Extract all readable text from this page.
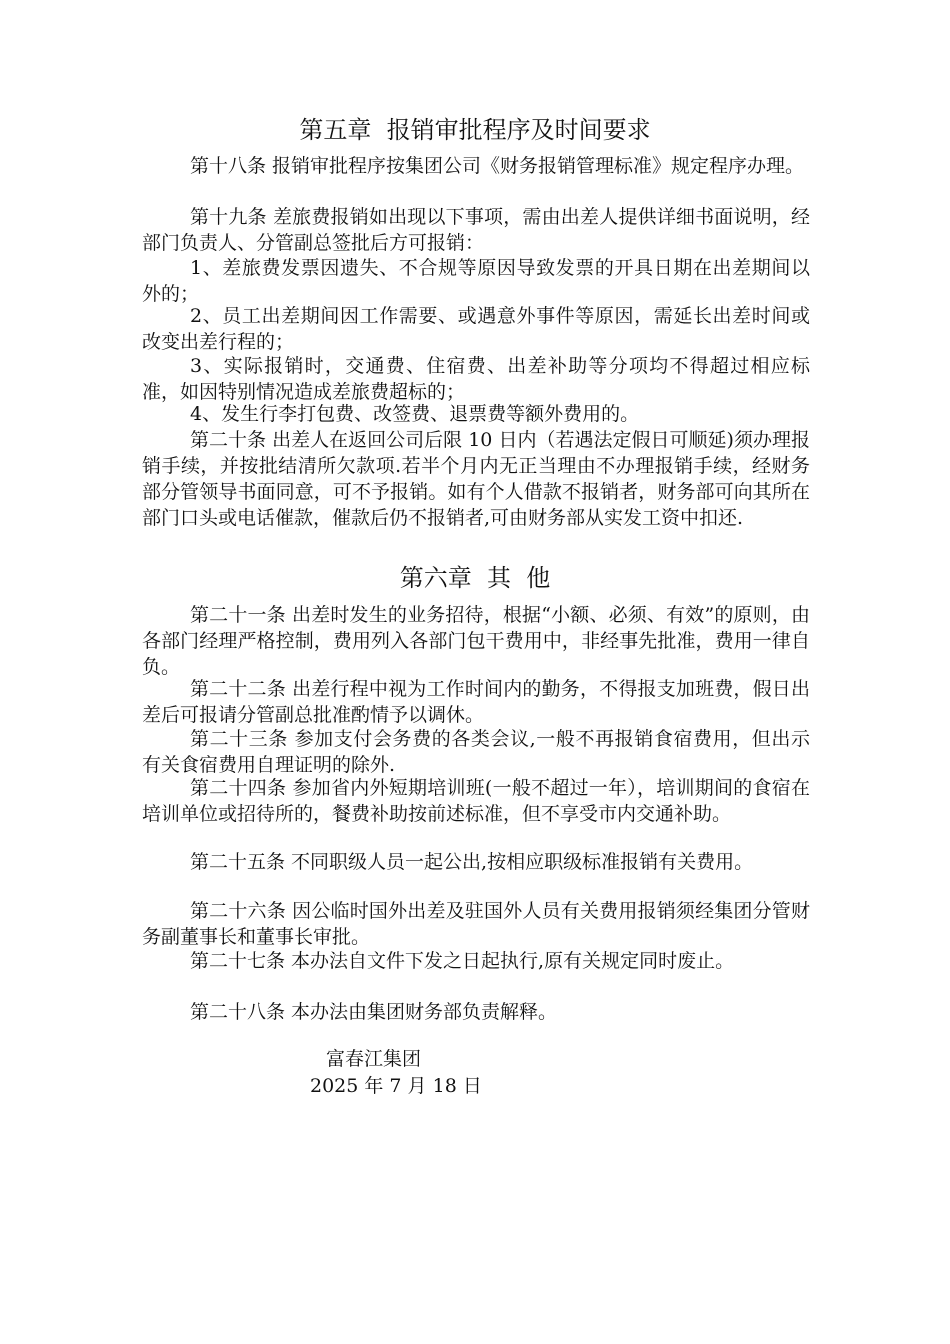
第五章  报销审批程序及时间要求
第十八条 报销审批程序按集团公司《财务报销管理标准》规定程序办理。
第十九条 差旅费报销如出现以下事项，需由出差人提供详细书面说明，经部门负责人、分管副总签批后方可报销：
1、差旅费发票因遗失、不合规等原因导致发票的开具日期在出差期间以外的；
2、员工出差期间因工作需要、或遇意外事件等原因，需延长出差时间或改变出差行程的；
3、实际报销时，交通费、住宿费、出差补助等分项均不得超过相应标准，如因特别情况造成差旅费超标的；
4、发生行李打包费、改签费、退票费等额外费用的。
第二十条 出差人在返回公司后限 10 日内（若遇法定假日可顺延)须办理报销手续，并按批结清所欠款项.若半个月内无正当理由不办理报销手续，经财务部分管领导书面同意，可不予报销。如有个人借款不报销者，财务部可向其所在部门口头或电话催款，催款后仍不报销者,可由财务部从实发工资中扣还.
第六章  其  他
第二十一条 出差时发生的业务招待，根据“小额、必须、有效”的原则，由各部门经理严格控制，费用列入各部门包干费用中，非经事先批准，费用一律自负。
第二十二条 出差行程中视为工作时间内的勤务，不得报支加班费，假日出差后可报请分管副总批准酌情予以调休。
第二十三条 参加支付会务费的各类会议,一般不再报销食宿费用，但出示有关食宿费用自理证明的除外.
第二十四条 参加省内外短期培训班(一般不超过一年），培训期间的食宿在培训单位或招待所的，餐费补助按前述标准，但不享受市内交通补助。
第二十五条 不同职级人员一起公出,按相应职级标准报销有关费用。
第二十六条 因公临时国外出差及驻国外人员有关费用报销须经集团分管财务副董事长和董事长审批。
第二十七条 本办法自文件下发之日起执行,原有关规定同时废止。
第二十八条 本办法由集团财务部负责解释。
富春江集团
2025 年 7 月 18 日
